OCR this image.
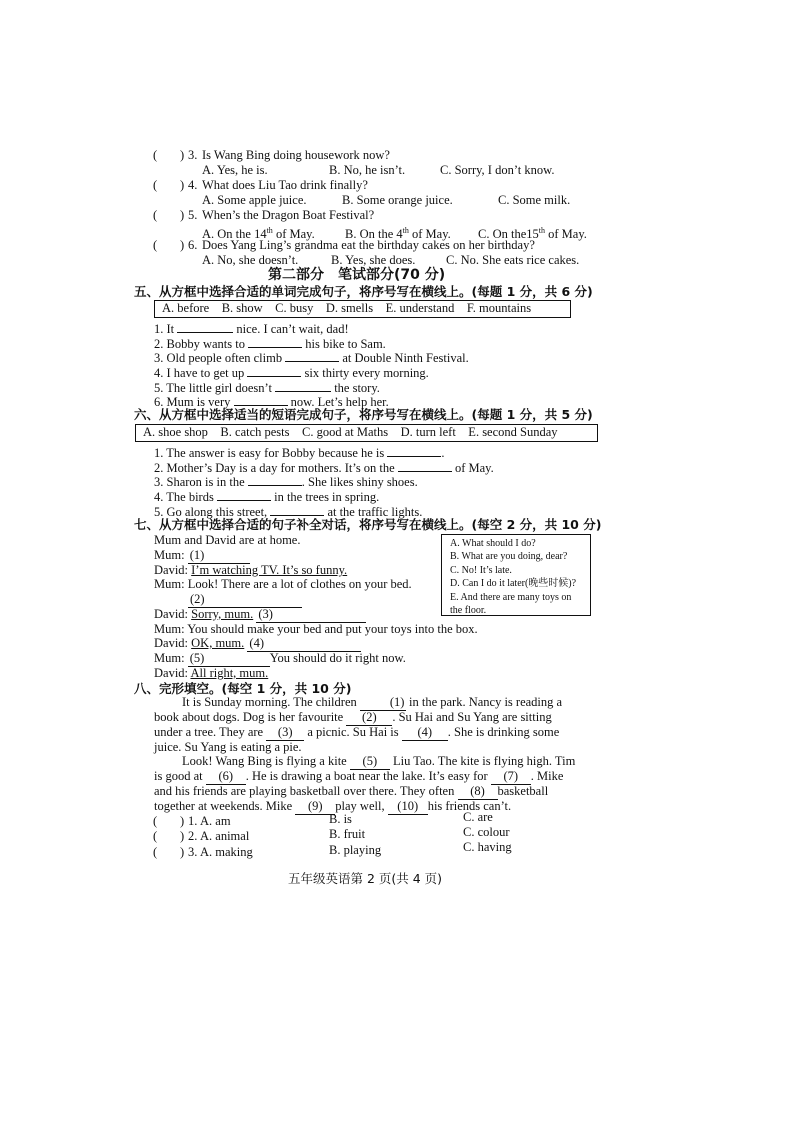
( ) 3. Is Wang Bing doing housework now?
A. Yes, he is.	B. No, he isn’t.	C. Sorry, I don’t know.
( ) 4. What does Liu Tao drink finally?
A. Some apple juice.	B. Some orange juice.	C. Some milk.
( ) 5. When’s the Dragon Boat Festival?
A. On the 14th of May. B. On the 4th of May. C. On the15th of May.
( ) 6. Does Yang Ling’s grandma eat the birthday cakes on her birthday?
A. No, she doesn’t.	B. Yes, she does. C. No. She eats rice cakes.
第二部分　笔试部分(70 分)
五、从方框中选择合适的单词完成句子，将序号写在横线上。(每题 1 分，共 6 分)
A. before　B. show　C. busy　D. smells　E. understand　F. mountains
1. It	nice. I can’t wait, dad!
2. Bobby wants to	his bike to Sam.
3. Old people often climb	at Double Ninth Festival.
4. I have to get up	six thirty every morning.
5. The little girl doesn’t	the story.
6. Mum is very	now. Let’s help her.
六、从方框中选择适当的短语完成句子，将序号写在横线上。(每题 1 分，共 5 分)
A. shoe shop　B. catch pests　C. good at Maths　D. turn left　E. second Sunday
1. The answer is easy for Bobby because he is	.
2. Mother’s Day is a day for mothers. It’s on the	of May.
3. Sharon is in the	. She likes shiny shoes.
4. The birds	in the trees in spring.
5. Go along this street,	at the traffic lights.
七、从方框中选择合适的句子补全对话，将序号写在横线上。(每空 2 分，共 10 分)
Mum and David are at home.
Mum: (1)
David: I’m watching TV. It’s so funny.
Mum: Look! There are a lot of clothes on your bed.
(2)
David: Sorry, mum. (3)
Mum: You should make your bed and put your toys into the box.
David: OK, mum. (4)
Mum: (5)	You should do it right now.
David: All right, mum.
A. What should I do?
B. What are you doing, dear?
C. No! It’s late.
D. Can I do it later(晚些时候)?
E. And there are many toys on
the floor.
八、完形填空。(每空 1 分，共 10 分)
It is Sunday morning. The children	(1) in the park. Nancy is reading a
book about dogs. Dog is her favourite (2) . Su Hai and Su Yang are sitting
under a tree. They are (3) a picnic. Su Hai is (4) . She is drinking some
juice. Su Yang is eating a pie.
Look! Wang Bing is flying a kite (5) Liu Tao. The kite is flying high. Tim
is good at (6) . He is drawing a boat near the lake. It’s easy for (7) . Mike
and his friends are playing basketball over there. They often (8) basketball
together at weekends. Mike (9) play well, (10) his friends can’t.
( ) 1. A. am	B. is	C. are
( ) 2. A. animal	B. fruit	C. colour
( ) 3. A. making	B. playing	C. having
五年级英语第 2 页(共 4 页)
